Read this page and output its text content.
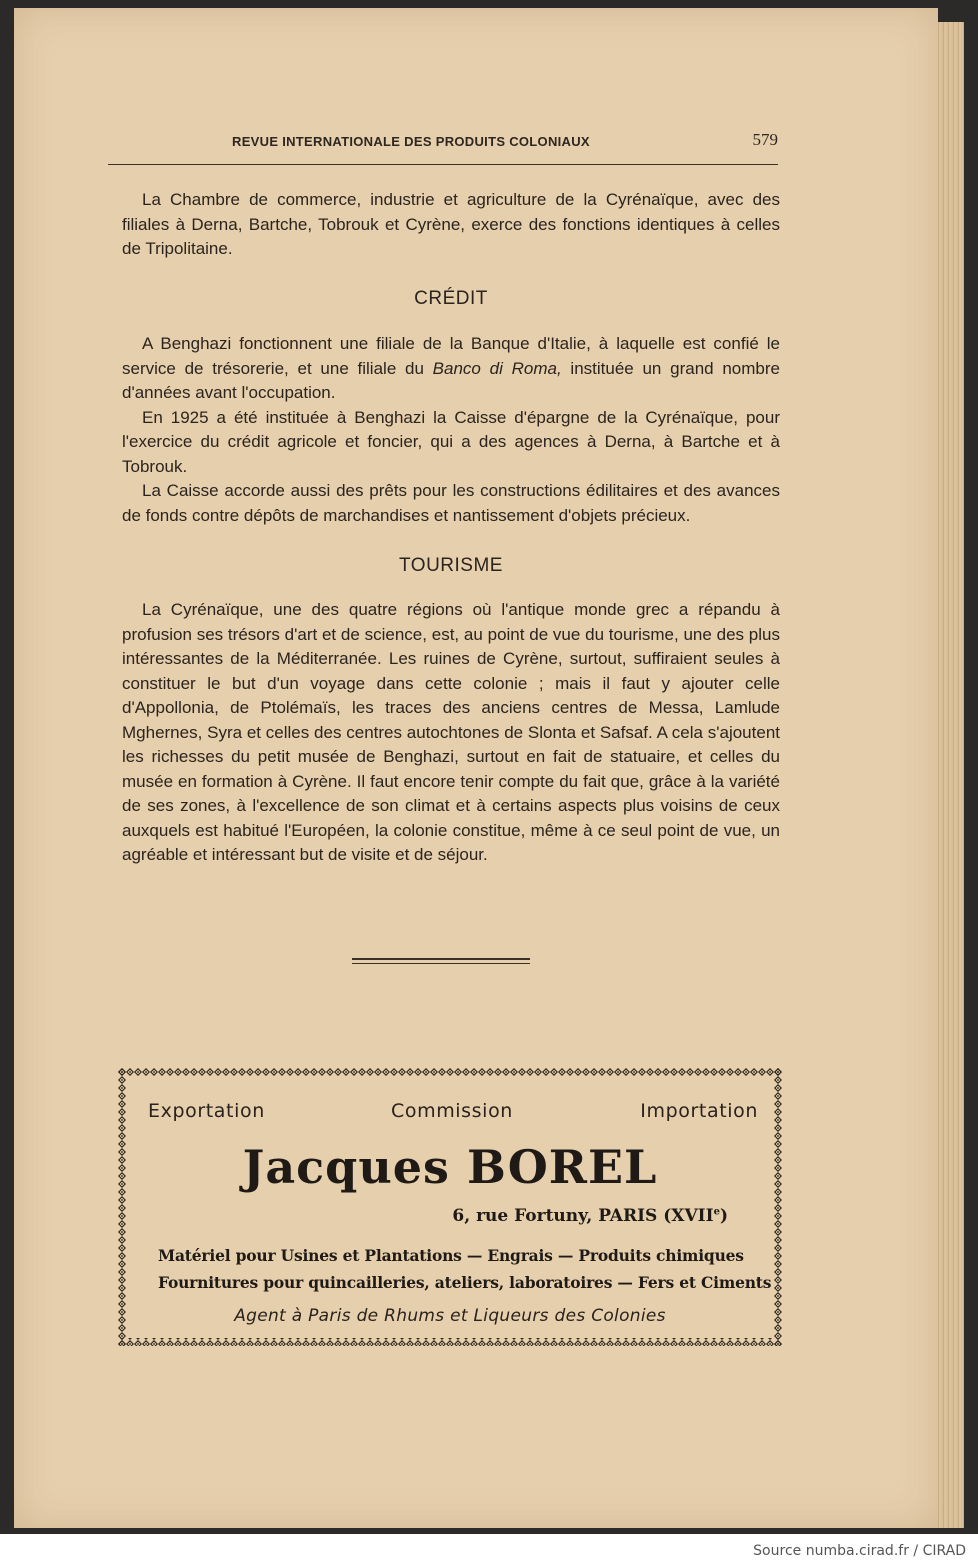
REVUE INTERNATIONALE DES PRODUITS COLONIAUX	579

La Chambre de commerce, industrie et agriculture de la Cyrénaïque, avec des filiales à Derna, Bartche, Tobrouk et Cyrène, exerce des fonctions identiques à celles de Tripolitaine.

CRÉDIT

A Benghazi fonctionnent une filiale de la Banque d'Italie, à laquelle est confié le service de trésorerie, et une filiale du Banco di Roma, instituée un grand nombre d'années avant l'occupation.

En 1925 a été instituée à Benghazi la Caisse d'épargne de la Cyrénaïque, pour l'exercice du crédit agricole et foncier, qui a des agences à Derna, à Bartche et à Tobrouk.

La Caisse accorde aussi des prêts pour les constructions édilitaires et des avances de fonds contre dépôts de marchandises et nantissement d'objets précieux.

TOURISME

La Cyrénaïque, une des quatre régions où l'antique monde grec a répandu à profusion ses trésors d'art et de science, est, au point de vue du tourisme, une des plus intéressantes de la Méditerranée. Les ruines de Cyrène, surtout, suffiraient seules à constituer le but d'un voyage dans cette colonie ; mais il faut y ajouter celle d'Appollonia, de Ptolémaïs, les traces des anciens centres de Messa, Lamlude Mghernes, Syra et celles des centres autochtones de Slonta et Safsaf. A cela s'ajoutent les richesses du petit musée de Benghazi, surtout en fait de statuaire, et celles du musée en formation à Cyrène. Il faut encore tenir compte du fait que, grâce à la variété de ses zones, à l'excellence de son climat et à certains aspects plus voisins de ceux auxquels est habitué l'Européen, la colonie constitue, même à ce seul point de vue, un agréable et intéressant but de visite et de séjour.

Exportation	Commission	Importation
Jacques BOREL
6, rue Fortuny, PARIS (XVIIe)
Matériel pour Usines et Plantations — Engrais — Produits chimiques
Fournitures pour quincailleries, ateliers, laboratoires — Fers et Ciments
Agent à Paris de Rhums et Liqueurs des Colonies
Source numba.cirad.fr / CIRAD
